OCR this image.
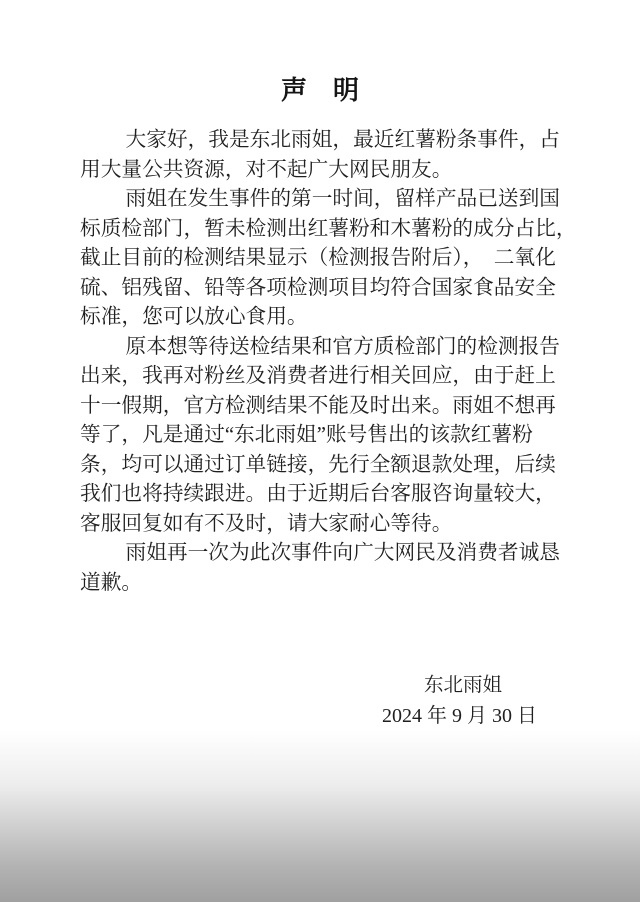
声　明
大家好，我是东北雨姐，最近红薯粉条事件，占
用大量公共资源，对不起广大网民朋友。
雨姐在发生事件的第一时间，留样产品已送到国
标质检部门，暂未检测出红薯粉和木薯粉的成分占比，
截止目前的检测结果显示（检测报告附后），　二氧化
硫、铝残留、铅等各项检测项目均符合国家食品安全
标准，您可以放心食用。
原本想等待送检结果和官方质检部门的检测报告
出来，我再对粉丝及消费者进行相关回应，由于赶上
十一假期，官方检测结果不能及时出来。雨姐不想再
等了，凡是通过“东北雨姐”账号售出的该款红薯粉
条，均可以通过订单链接，先行全额退款处理，后续
我们也将持续跟进。由于近期后台客服咨询量较大，
客服回复如有不及时，请大家耐心等待。
雨姐再一次为此次事件向广大网民及消费者诚恳
道歉。
东北雨姐
2024 年 9 月 30 日
